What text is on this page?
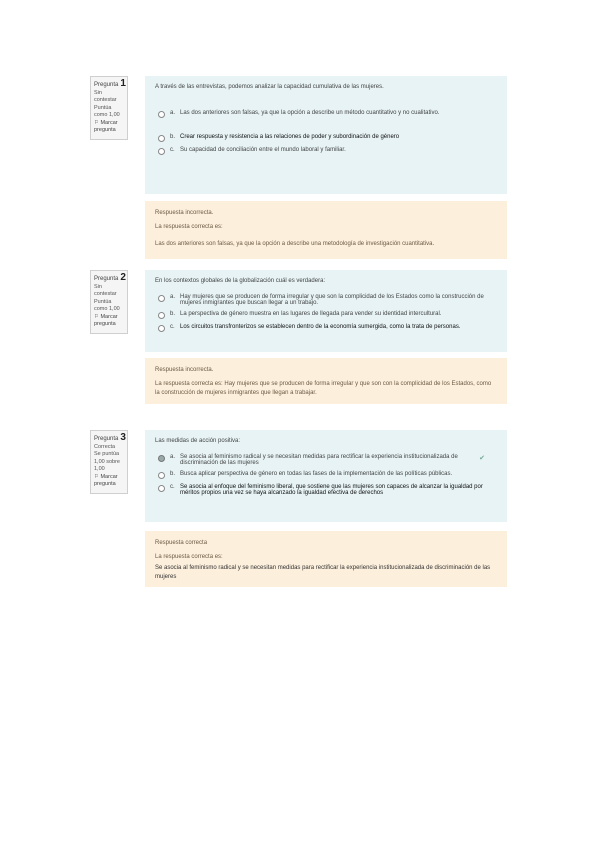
Pregunta 1
Sin contestar
Puntúa como 1,00
⚐ Marcar pregunta
A través de las entrevistas, podemos analizar la capacidad cumulativa de las mujeres.
a. Las dos anteriores son falsas, ya que la opción a describe un método cuantitativo y no cualitativo.
b. Crear respuesta y resistencia a las relaciones de poder y subordinación de género
c. Su capacidad de conciliación entre el mundo laboral y familiar.

Respuesta incorrecta.

La respuesta correcta es:

Las dos anteriores son falsas, ya que la opción a describe una metodología de investigación cuantitativa.

Pregunta 2
Sin contestar
Puntúa como 1,00
⚐ Marcar pregunta
En los contextos globales de la globalización cuál es verdadera:
a. Hay mujeres que se producen de forma irregular y que son la complicidad de los Estados como la construcción de mujeres inmigrantes que buscan llegar a un trabajo.
b. La perspectiva de género muestra en las lugares de llegada para vender su identidad intercultural.
c. Los circuitos transfronterizos se establecen dentro de la economía sumergida, como la trata de personas.

Respuesta incorrecta.

La respuesta correcta es: Hay mujeres que se producen de forma irregular y que son con la complicidad de los Estados, como la construcción de mujeres inmigrantes que llegan a trabajar.

Pregunta 3
Correcta
Se puntúa 1,00 sobre 1,00
⚐ Marcar pregunta
Las medidas de acción positiva:
a. Se asocia al feminismo radical y se necesitan medidas para rectificar la experiencia institucionalizada de discriminación de las mujeres
✔
b. Busca aplicar perspectiva de género en todas las fases de la implementación de las políticas públicas.
c. Se asocia al enfoque del feminismo liberal, que sostiene que las mujeres son capaces de alcanzar la igualdad por méritos propios una vez se haya alcanzado la igualdad efectiva de derechos

Respuesta correcta

La respuesta correcta es:

Se asocia al feminismo radical y se necesitan medidas para rectificar la experiencia institucionalizada de discriminación de las mujeres
